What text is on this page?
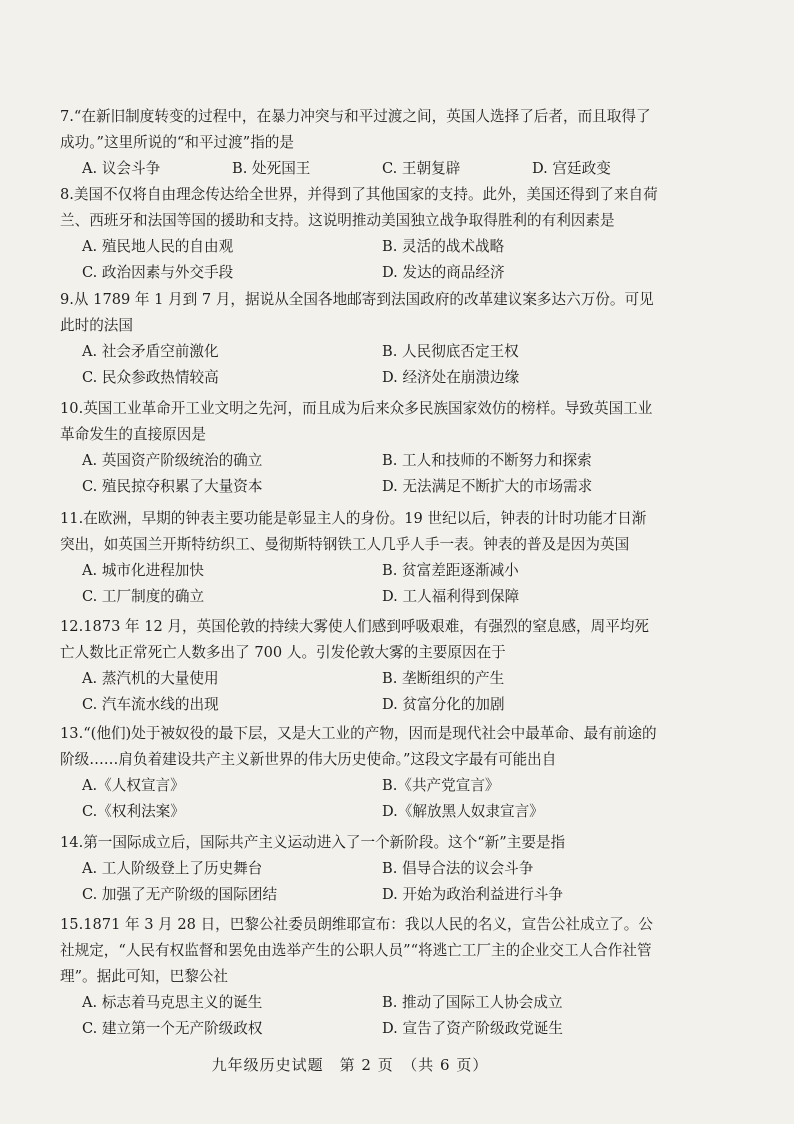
7.“在新旧制度转变的过程中，在暴力冲突与和平过渡之间，英国人选择了后者，而且取得了成功。”这里所说的“和平过渡”指的是
A. 议会斗争	B. 处死国王	C. 王朝复辟	D. 宫廷政变
8.美国不仅将自由理念传达给全世界，并得到了其他国家的支持。此外，美国还得到了来自荷兰、西班牙和法国等国的援助和支持。这说明推动美国独立战争取得胜利的有利因素是
A. 殖民地人民的自由观	B. 灵活的战术战略
C. 政治因素与外交手段	D. 发达的商品经济
9.从 1789 年 1 月到 7 月，据说从全国各地邮寄到法国政府的改革建议案多达六万份。可见此时的法国
A. 社会矛盾空前激化	B. 人民彻底否定王权
C. 民众参政热情较高	D. 经济处在崩溃边缘
10.英国工业革命开工业文明之先河，而且成为后来众多民族国家效仿的榜样。导致英国工业革命发生的直接原因是
A. 英国资产阶级统治的确立	B. 工人和技师的不断努力和探索
C. 殖民掠夺积累了大量资本	D. 无法满足不断扩大的市场需求
11.在欧洲，早期的钟表主要功能是彰显主人的身份。19 世纪以后，钟表的计时功能才日渐突出，如英国兰开斯特纺织工、曼彻斯特钢铁工人几乎人手一表。钟表的普及是因为英国
A. 城市化进程加快	B. 贫富差距逐渐减小
C. 工厂制度的确立	D. 工人福利得到保障
12.1873 年 12 月，英国伦敦的持续大雾使人们感到呼吸艰难，有强烈的窒息感，周平均死亡人数比正常死亡人数多出了 700 人。引发伦敦大雾的主要原因在于
A. 蒸汽机的大量使用	B. 垄断组织的产生
C. 汽车流水线的出现	D. 贫富分化的加剧
13.“(他们)处于被奴役的最下层，又是大工业的产物，因而是现代社会中最革命、最有前途的阶级……肩负着建设共产主义新世界的伟大历史使命。”这段文字最有可能出自
A.《人权宣言》	B.《共产党宣言》
C.《权利法案》	D.《解放黑人奴隶宣言》
14.第一国际成立后，国际共产主义运动进入了一个新阶段。这个“新”主要是指
A. 工人阶级登上了历史舞台	B. 倡导合法的议会斗争
C. 加强了无产阶级的国际团结	D. 开始为政治利益进行斗争
15.1871 年 3 月 28 日，巴黎公社委员朗维耶宣布：我以人民的名义，宣告公社成立了。公社规定，“人民有权监督和罢免由选举产生的公职人员”“将逃亡工厂主的企业交工人合作社管理”。据此可知，巴黎公社
A. 标志着马克思主义的诞生	B. 推动了国际工人协会成立
C. 建立第一个无产阶级政权	D. 宣告了资产阶级政党诞生
九年级历史试题　第 2 页　（共 6 页）
